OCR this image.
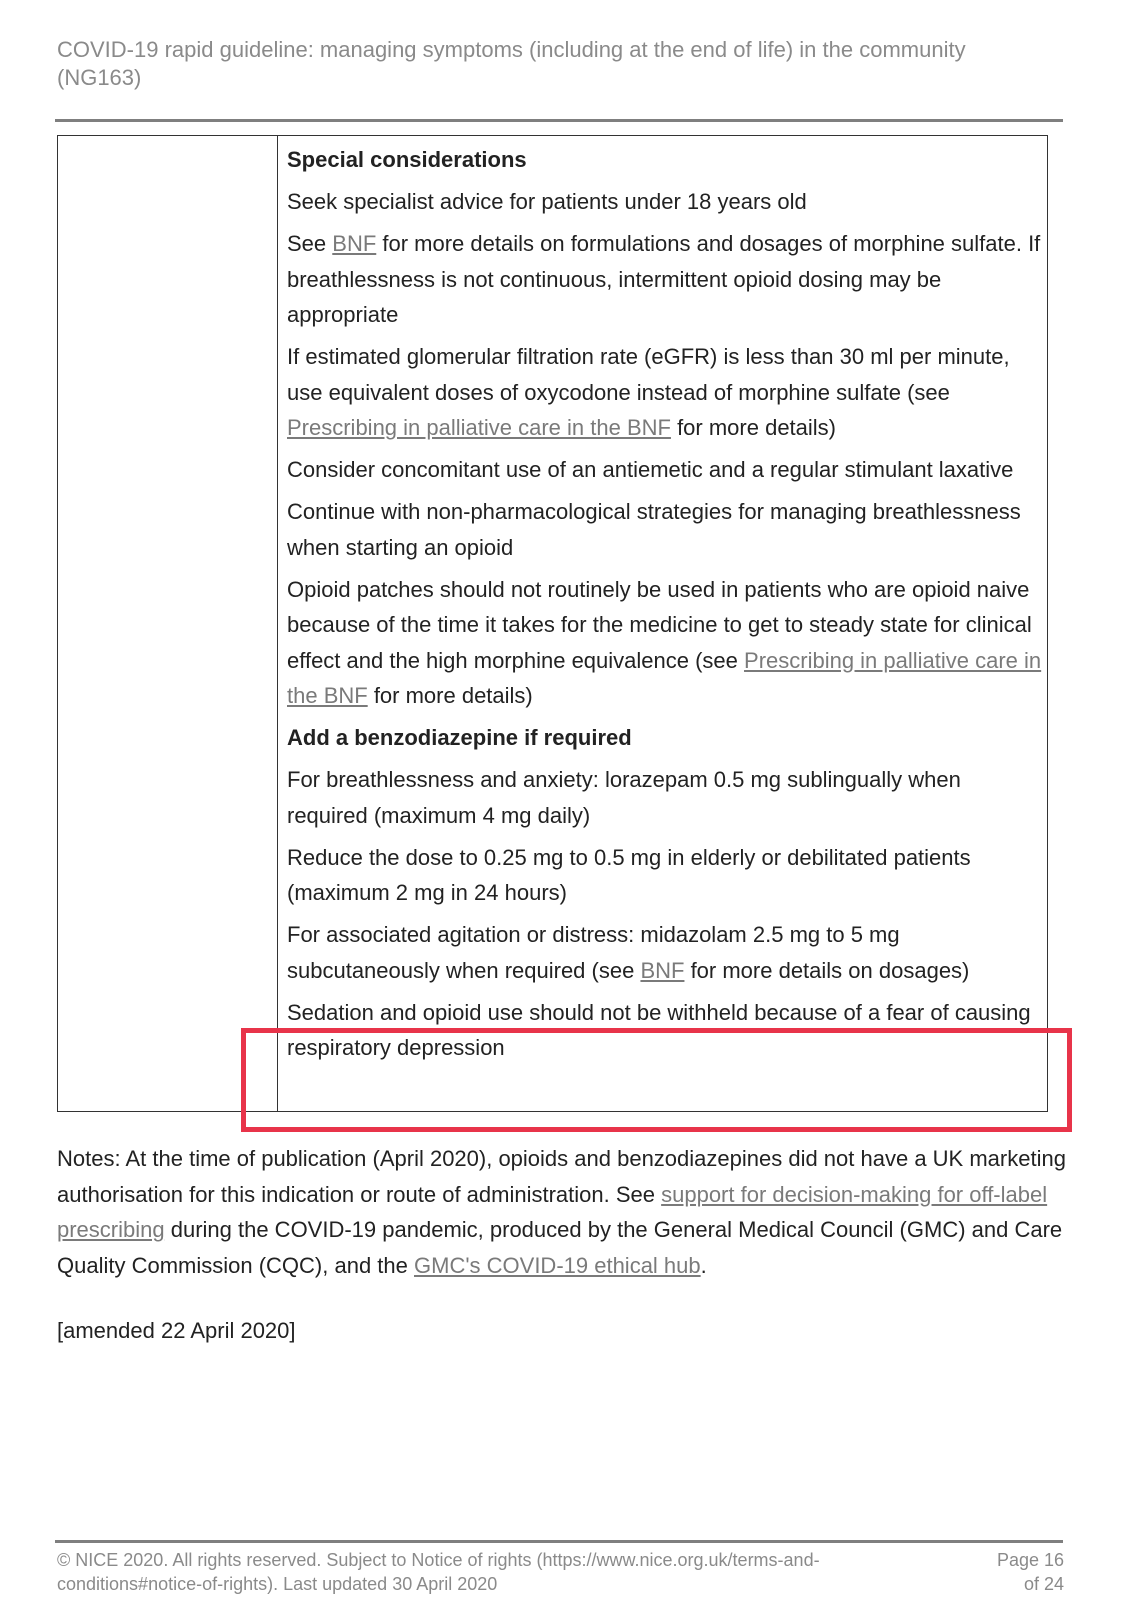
COVID-19 rapid guideline: managing symptoms (including at the end of life) in the community
(NG163)

Special considerations

Seek specialist advice for patients under 18 years old

See BNF for more details on formulations and dosages of morphine sulfate. If breathlessness is not continuous, intermittent opioid dosing may be appropriate

If estimated glomerular filtration rate (eGFR) is less than 30 ml per minute, use equivalent doses of oxycodone instead of morphine sulfate (see Prescribing in palliative care in the BNF for more details)

Consider concomitant use of an antiemetic and a regular stimulant laxative

Continue with non-pharmacological strategies for managing breathlessness when starting an opioid

Opioid patches should not routinely be used in patients who are opioid naive because of the time it takes for the medicine to get to steady state for clinical effect and the high morphine equivalence (see Prescribing in palliative care in the BNF for more details)

Add a benzodiazepine if required

For breathlessness and anxiety: lorazepam 0.5 mg sublingually when required (maximum 4 mg daily)

Reduce the dose to 0.25 mg to 0.5 mg in elderly or debilitated patients (maximum 2 mg in 24 hours)

For associated agitation or distress: midazolam 2.5 mg to 5 mg subcutaneously when required (see BNF for more details on dosages)

Sedation and opioid use should not be withheld because of a fear of causing respiratory depression

Notes: At the time of publication (April 2020), opioids and benzodiazepines did not have a UK marketing authorisation for this indication or route of administration. See support for decision-making for off-label prescribing during the COVID-19 pandemic, produced by the General Medical Council (GMC) and Care Quality Commission (CQC), and the GMC's COVID-19 ethical hub.
[amended 22 April 2020]
© NICE 2020. All rights reserved. Subject to Notice of rights (https://www.nice.org.uk/terms-and-
conditions#notice-of-rights). Last updated 30 April 2020
Page 16
of 24
